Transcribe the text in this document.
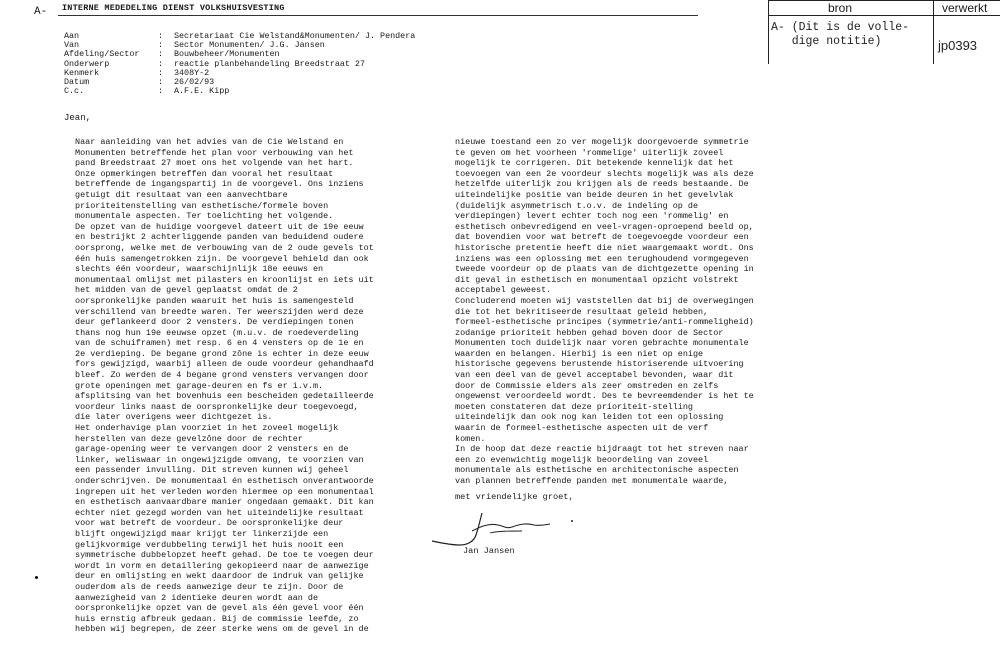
A- INTERNE MEDEDELING DIENST VOLKSHUISVESTING
Aan	:	Secretariaat Cie Welstand&Monumenten/ J. Pendera
Van	:	Sector Monumenten/ J.G. Jansen
Afdeling/Sector	:	Bouwbeheer/Monumenten
Onderwerp	:	reactie planbehandeling Breedstraat 27
Kenmerk	:	3408Y-2
Datum	:	26/02/93
C.c.	:	A.F.E. Kipp
Jean,
Naar aanleiding van het advies van de Cie Welstand en
Monumenten betreffende het plan voor verbouwing van het
pand Breedstraat 27 moet ons het volgende van het hart.
Onze opmerkingen betreffen dan vooral het resultaat
betreffende de ingangspartij in de voorgevel. Ons inziens
getuigt dit resultaat van een aanvechtbare
prioriteitenstelling van esthetische/formele boven
monumentale aspecten. Ter toelichting het volgende.
De opzet van de huidige voorgevel dateert uit de 19e eeuw
en bestrijkt 2 achterliggende panden van beduidend oudere
oorsprong, welke met de verbouwing van de 2 oude gevels tot
één huis samengetrokken zijn. De voorgevel behield dan ook
slechts één voordeur, waarschijnlijk 18e eeuws en
monumentaal omlijst met pilasters en kroonlijst en iets uit
het midden van de gevel geplaatst omdat de 2
oorspronkelijke panden waaruit het huis is samengesteld
verschillend van breedte waren. Ter weerszijden werd deze
deur geflankeerd door 2 vensters. De verdiepingen tonen
thans nog hun 19e eeuwse opzet (m.u.v. de roedeverdeling
van de schuiframen) met resp. 6 en 4 vensters op de 1e en
2e verdieping. De begane grond zône is echter in deze eeuw
fors gewijzigd, waarbij alleen de oude voordeur gehandhaafd
bleef. Zo werden de 4 begane grond vensters vervangen door
grote openingen met garage-deuren en fs er i.v.m.
afsplitsing van het bovenhuis een bescheiden gedetailleerde
voordeur links naast de oorspronkelijke deur toegevoegd,
die later overigens weer dichtgezet is.
Het onderhavige plan voorziet in het zoveel mogelijk
herstellen van deze gevelzône door de rechter
garage-opening weer te vervangen door 2 vensters en de
linker, weliswaar in ongewijzigde omvang, te voorzien van
een passender invulling. Dit streven kunnen wij geheel
onderschrijven. De monumentaal én esthetisch onverantwoorde
ingrepen uit het verleden worden hiermee op een monumentaal
en esthetisch aanvaardbare manier ongedaan gemaakt. Dit kan
echter niet gezegd worden van het uiteindelijke resultaat
voor wat betreft de voordeur. De oorspronkelijke deur
blijft ongewijzigd maar krijgt ter linkerzijde een
gelijkvormige verdubbeling terwijl het huis nooit een
symmetrische dubbelopzet heeft gehad. De toe te voegen deur
wordt in vorm en detaillering gekopieerd naar de aanwezige
deur en omlijsting en wekt daardoor de indruk van gelijke
ouderdom als de reeds aanwezige deur te zijn. Door de
aanwezigheid van 2 identieke deuren wordt aan de
oorspronkelijke opzet van de gevel als één gevel voor één
huis ernstig afbreuk gedaan. Bij de commissie leefde, zo
hebben wij begrepen, de zeer sterke wens om de gevel in de
nieuwe toestand een zo ver mogelijk doorgevoerde symmetrie
te geven om het voorheen 'rommelige' uiterlijk zoveel
mogelijk te corrigeren. Dit betekende kennelijk dat het
toevoegen van een 2e voordeur slechts mogelijk was als deze
hetzelfde uiterlijk zou krijgen als de reeds bestaande. De
uiteindelijke positie van beide deuren in het gevelvlak
(duidelijk asymmetrisch t.o.v. de indeling op de
verdiepingen) levert echter toch nog een 'rommelig' en
esthetisch onbevredigend en veel-vragen-oproepend beeld op,
dat bovendien voor wat betreft de toegevoegde voordeur een
historische pretentie heeft die niet waargemaakt wordt. Ons
inziens was een oplossing met een terughoudend vormgegeven
tweede voordeur op de plaats van de dichtgezette opening in
dit geval in esthetisch en monumentaal opzicht volstrekt
acceptabel geweest.
Concluderend moeten wij vaststellen dat bij de overwegingen
die tot het bekritiseerde resultaat geleid hebben,
formeel-esthetische principes (symmetrie/anti-rommeligheid)
zodanige prioriteit hebben gehad boven door de Sector
Monumenten toch duidelijk naar voren gebrachte monumentale
waarden en belangen. Hierbij is een niet op enige
historische gegevens berustende historiserende uitvoering
van een deel van de gevel acceptabel bevonden, waar dit
door de Commissie elders als zeer omstreden en zelfs
ongewenst veroordeeld wordt. Des te bevreemdender is het te
moeten constateren dat deze prioriteit-stelling
uiteindelijk dan ook nog kan leiden tot een oplossing
waarin de formeel-esthetische aspecten uit de verf
komen.
In de hoop dat deze reactie bijdraagt tot het streven naar
een zo evenwichtig mogelijk beoordeling van zoveel
monumentale als esthetische en architectonische aspecten
van plannen betreffende panden met monumentale waarde,
met vriendelijke groet,
Jan Jansen
bron	verwerkt
A- (Dit is de volle-
dige notitie)	jp0393
